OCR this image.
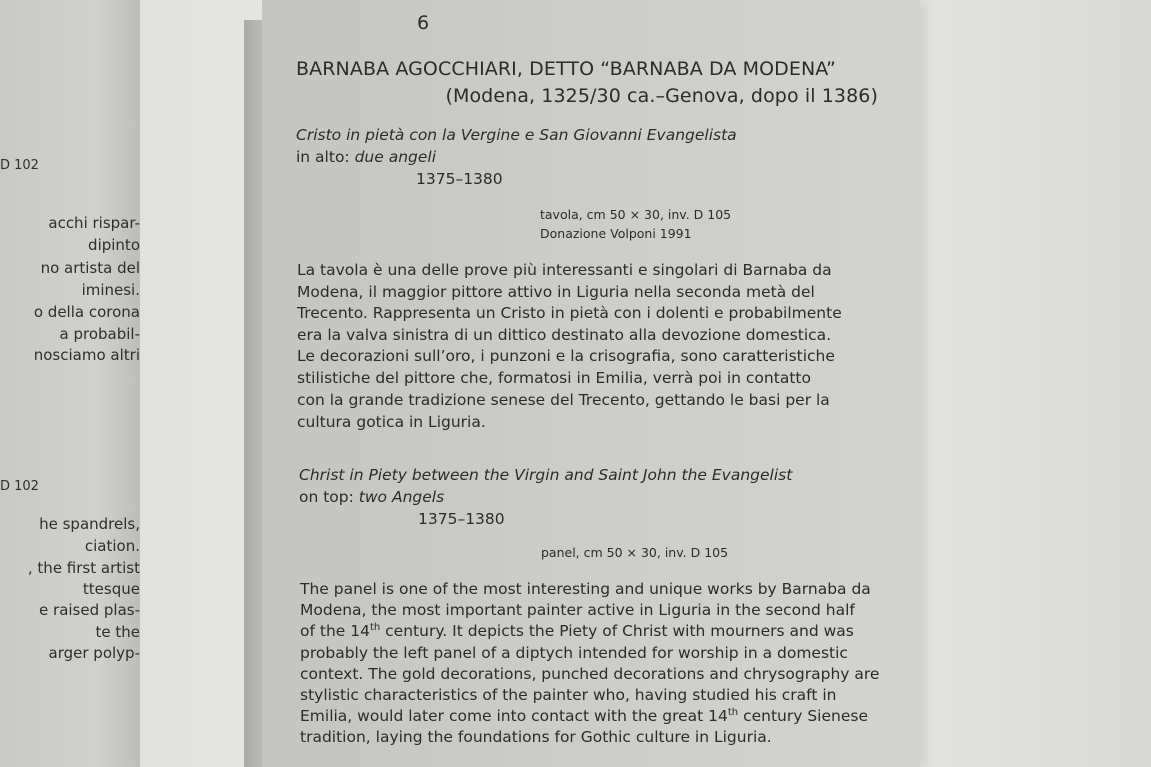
D 102
acchi rispar-
dipinto
no artista del
iminesi.
o della corona
a probabil-
nosciamo altri
D 102
he spandrels,
ciation.
, the first artist
ttesque
e raised plas-
te the
arger polyp-
6
BARNABA AGOCCHIARI, DETTO “BARNABA DA MODENA”
(Modena, 1325/30 ca.–Genova, dopo il 1386)
Cristo in pietà con la Vergine e San Giovanni Evangelista
in alto: due angeli
1375–1380
tavola, cm 50 × 30, inv. D 105
Donazione Volponi 1991
La tavola è una delle prove più interessanti e singolari di Barnaba da
Modena, il maggior pittore attivo in Liguria nella seconda metà del
Trecento. Rappresenta un Cristo in pietà con i dolenti e probabilmente
era la valva sinistra di un dittico destinato alla devozione domestica.
Le decorazioni sull’oro, i punzoni e la crisografia, sono caratteristiche
stilistiche del pittore che, formatosi in Emilia, verrà poi in contatto
con la grande tradizione senese del Trecento, gettando le basi per la
cultura gotica in Liguria.
Christ in Piety between the Virgin and Saint John the Evangelist
on top: two Angels
1375–1380
panel, cm 50 × 30, inv. D 105
The panel is one of the most interesting and unique works by Barnaba da
Modena, the most important painter active in Liguria in the second half
of the 14th century. It depicts the Piety of Christ with mourners and was
probably the left panel of a diptych intended for worship in a domestic
context. The gold decorations, punched decorations and chrysography are
stylistic characteristics of the painter who, having studied his craft in
Emilia, would later come into contact with the great 14th century Sienese
tradition, laying the foundations for Gothic culture in Liguria.
